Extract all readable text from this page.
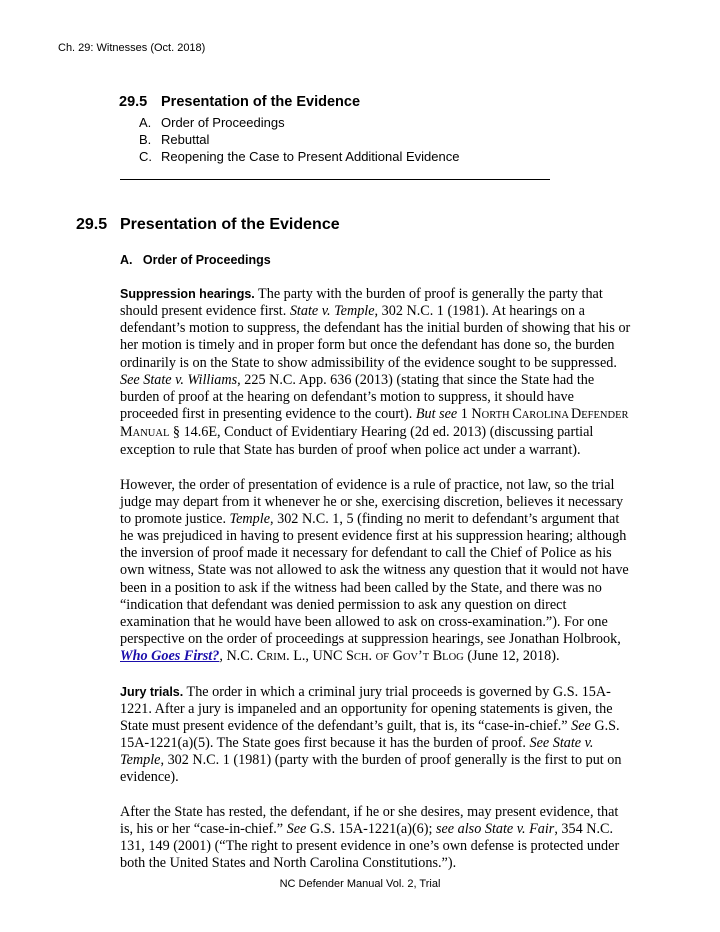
Ch. 29: Witnesses (Oct. 2018)
29.5 Presentation of the Evidence
A. Order of Proceedings
B. Rebuttal
C. Reopening the Case to Present Additional Evidence
29.5 Presentation of the Evidence
A.   Order of Proceedings

Suppression hearings. The party with the burden of proof is generally the party that should present evidence first. State v. Temple, 302 N.C. 1 (1981). At hearings on a defendant’s motion to suppress, the defendant has the initial burden of showing that his or her motion is timely and in proper form but once the defendant has done so, the burden ordinarily is on the State to show admissibility of the evidence sought to be suppressed. See State v. Williams, 225 N.C. App. 636 (2013) (stating that since the State had the burden of proof at the hearing on defendant’s motion to suppress, it should have proceeded first in presenting evidence to the court). But see 1 NORTH CAROLINA DEFENDER MANUAL § 14.6E, Conduct of Evidentiary Hearing (2d ed. 2013) (discussing partial exception to rule that State has burden of proof when police act under a warrant).

However, the order of presentation of evidence is a rule of practice, not law, so the trial judge may depart from it whenever he or she, exercising discretion, believes it necessary to promote justice. Temple, 302 N.C. 1, 5 (finding no merit to defendant’s argument that he was prejudiced in having to present evidence first at his suppression hearing; although the inversion of proof made it necessary for defendant to call the Chief of Police as his own witness, State was not allowed to ask the witness any question that it would not have been in a position to ask if the witness had been called by the State, and there was no “indication that defendant was denied permission to ask any question on direct examination that he would have been allowed to ask on cross-examination.”). For one perspective on the order of proceedings at suppression hearings, see Jonathan Holbrook, Who Goes First?, N.C. CRIM. L., UNC SCH. OF GOV’T BLOG (June 12, 2018).

Jury trials. The order in which a criminal jury trial proceeds is governed by G.S. 15A-1221. After a jury is impaneled and an opportunity for opening statements is given, the State must present evidence of the defendant’s guilt, that is, its “case-in-chief.” See G.S. 15A-1221(a)(5). The State goes first because it has the burden of proof. See State v. Temple, 302 N.C. 1 (1981) (party with the burden of proof generally is the first to put on evidence).

After the State has rested, the defendant, if he or she desires, may present evidence, that is, his or her “case-in-chief.” See G.S. 15A-1221(a)(6); see also State v. Fair, 354 N.C. 131, 149 (2001) (“The right to present evidence in one’s own defense is protected under both the United States and North Carolina Constitutions.”).

NC Defender Manual Vol. 2, Trial
